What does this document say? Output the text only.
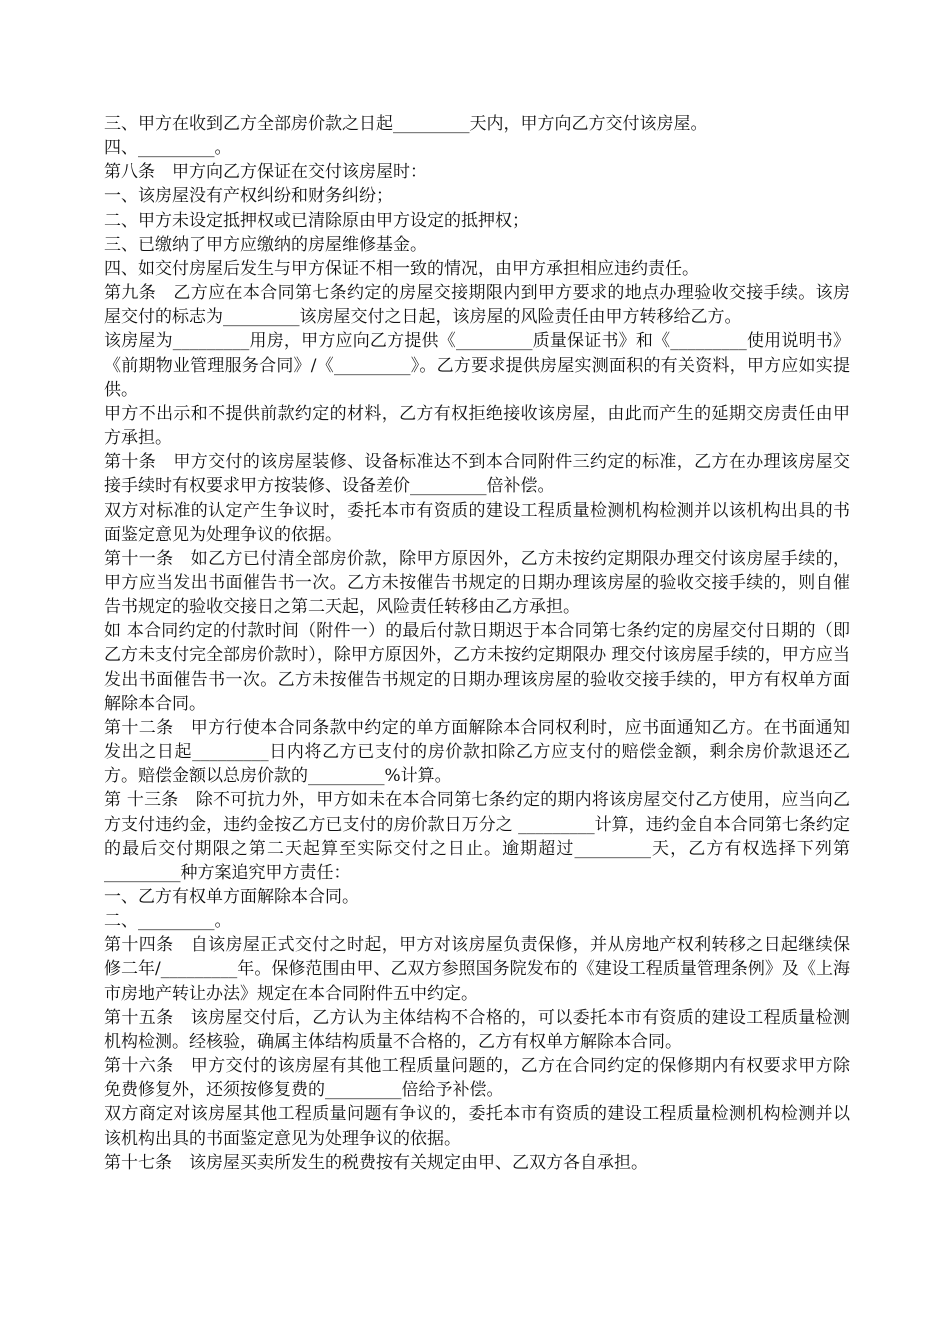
三、甲方在收到乙方全部房价款之日起_________天内，甲方向乙方交付该房屋。

四、_________。

第八条　甲方向乙方保证在交付该房屋时：

一、该房屋没有产权纠纷和财务纠纷；

二、甲方未设定抵押权或已清除原由甲方设定的抵押权；

三、已缴纳了甲方应缴纳的房屋维修基金。

四、如交付房屋后发生与甲方保证不相一致的情况，由甲方承担相应违约责任。

第九条　乙方应在本合同第七条约定的房屋交接期限内到甲方要求的地点办理验收交接手续。该房屋交付的标志为_________该房屋交付之日起，该房屋的风险责任由甲方转移给乙方。

该房屋为_________用房，甲方应向乙方提供《_________质量保证书》和《_________使用说明书》《前期物业管理服务合同》/《_________》。乙方要求提供房屋实测面积的有关资料，甲方应如实提供。

甲方不出示和不提供前款约定的材料，乙方有权拒绝接收该房屋，由此而产生的延期交房责任由甲方承担。

第十条　甲方交付的该房屋装修、设备标准达不到本合同附件三约定的标准，乙方在办理该房屋交接手续时有权要求甲方按装修、设备差价_________倍补偿。

双方对标准的认定产生争议时，委托本市有资质的建设工程质量检测机构检测并以该机构出具的书面鉴定意见为处理争议的依据。

第十一条　如乙方已付清全部房价款，除甲方原因外，乙方未按约定期限办理交付该房屋手续的，甲方应当发出书面催告书一次。乙方未按催告书规定的日期办理该房屋的验收交接手续的，则自催告书规定的验收交接日之第二天起，风险责任转移由乙方承担。

如 本合同约定的付款时间（附件一）的最后付款日期迟于本合同第七条约定的房屋交付日期的（即乙方未支付完全部房价款时），除甲方原因外，乙方未按约定期限办 理交付该房屋手续的，甲方应当发出书面催告书一次。乙方未按催告书规定的日期办理该房屋的验收交接手续的，甲方有权单方面解除本合同。

第十二条　甲方行使本合同条款中约定的单方面解除本合同权利时，应书面通知乙方。在书面通知发出之日起_________日内将乙方已支付的房价款扣除乙方应支付的赔偿金额，剩余房价款退还乙方。赔偿金额以总房价款的_________%计算。

第 十三条　除不可抗力外，甲方如未在本合同第七条约定的期内将该房屋交付乙方使用，应当向乙方支付违约金，违约金按乙方已支付的房价款日万分之 _________计算，违约金自本合同第七条约定的最后交付期限之第二天起算至实际交付之日止。逾期超过_________天，乙方有权选择下列第 _________种方案追究甲方责任：

一、乙方有权单方面解除本合同。

二、_________。

第十四条　自该房屋正式交付之时起，甲方对该房屋负责保修，并从房地产权利转移之日起继续保修二年/_________年。保修范围由甲、乙双方参照国务院发布的《建设工程质量管理条例》及《上海市房地产转让办法》规定在本合同附件五中约定。

第十五条　该房屋交付后，乙方认为主体结构不合格的，可以委托本市有资质的建设工程质量检测机构检测。经核验，确属主体结构质量不合格的，乙方有权单方解除本合同。

第十六条　甲方交付的该房屋有其他工程质量问题的，乙方在合同约定的保修期内有权要求甲方除免费修复外，还须按修复费的_________倍给予补偿。

双方商定对该房屋其他工程质量问题有争议的，委托本市有资质的建设工程质量检测机构检测并以该机构出具的书面鉴定意见为处理争议的依据。

第十七条　该房屋买卖所发生的税费按有关规定由甲、乙双方各自承担。
